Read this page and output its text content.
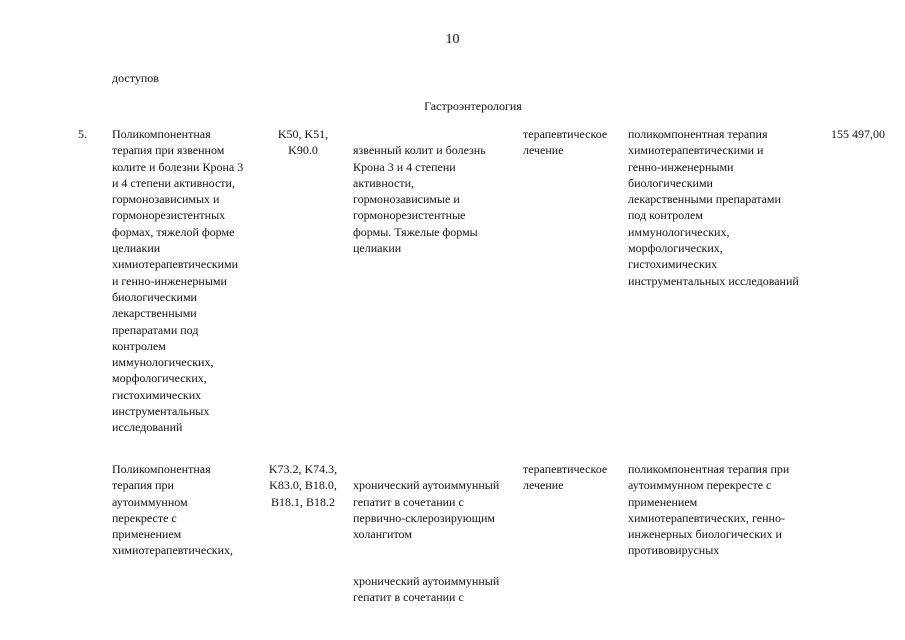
10
доступов
Гастроэнтерология
5.	Поликомпонентная
терапия при язвенном
колите и болезни Крона 3
и 4 степени активности,
гормонозависимых и
гормонорезистентных
формах, тяжелой форме
целиакии
химиотерапевтическими
и генно-инженерными
биологическими
лекарственными
препаратами под
контролем
иммунологических,
морфологических,
гистохимических
инструментальных
исследований
K50, K51,
K90.0	язвенный колит и болезнь
Крона 3 и 4 степени
активности,
гормонозависимые и
гормонорезистентные
формы. Тяжелые формы
целиакии

терапевтическое
лечение
поликомпонентная терапия
химиотерапевтическими и
генно-инженерными
биологическими
лекарственными препаратами
под контролем
иммунологических,
морфологических,
гистохимических
инструментальных исследований
155 497,00
Поликомпонентная
терапия при
аутоиммунном
перекресте с
применением
химиотерапевтических,
K73.2, K74.3,
K83.0, B18.0,
B18.1, B18.2

хронический аутоиммунный
гепатит в сочетании с
первично-склерозирующим
холангитом

хронический аутоиммунный
гепатит в сочетании с

терапевтическое
лечение
поликомпонентная терапия при
аутоиммунном перекресте с
применением
химиотерапевтических, генно-
инженерных биологических и
противовирусных
